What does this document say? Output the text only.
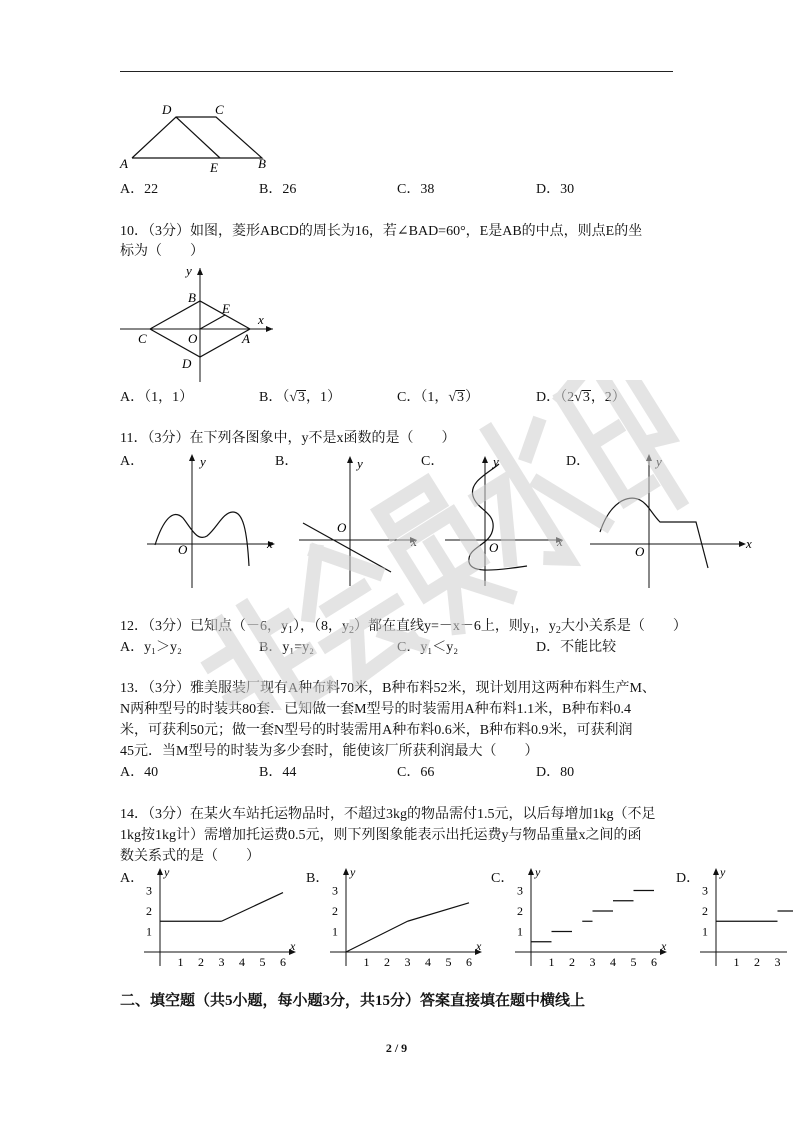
D	C
A	E	B
A．22	B．26	C．38	D．30
10．（3分）如图，菱形ABCD的周长为16，若∠BAD=60°，E是AB的中点，则点E的坐
标为（　　）
y
x
B
E
C	O	A
D
A．（1，1）	B．（√3，1）	C．（1，√3）	D．（2√3，2）
11．（3分）在下列各图象中，y不是x函数的是（　　）
A．	B．	C．	D．
y
x
O
y
x
O
y
x
O
y
x
O
12．（3分）已知点（－6，$y_1$），（8，$y_2$）都在直线y=－x－6上，则$y_1$，$y_2$大小关系是（　　）
A．y₁＞y₂	B．y₁=y₂	C．y₁＜y₂	D．不能比较
13．（3分）雅美服装厂现有A种布料70米，B种布料52米，现计划用这两种布料生产M、
N两种型号的时装共80套．已知做一套M型号的时装需用A种布料1.1米，B种布料0.4
米，可获利50元；做一套N型号的时装需用A种布料0.6米，B种布料0.9米，可获利润
45元．当M型号的时装为多少套时，能使该厂所获利润最大（　　）
A．40	B．44	C．66	D．80
14．（3分）在某火车站托运物品时，不超过3kg的物品需付1.5元，以后每增加1kg（不足
1kg按1kg计）需增加托运费0.5元，则下列图象能表示出托运费y与物品重量x之间的函
数关系式的是（　　）
A．	B．	C．	D．
x
y
1 2 3 4 5 6
1
2
3
x
y
1 2 3 4 5 6
1
2
3
x
y
1 2 3 4 5 6
1
2
3
y
1 2 3
1
2
3
二、填空题（共5小题，每小题3分，共15分）答案直接填在题中横线上
2 / 9
